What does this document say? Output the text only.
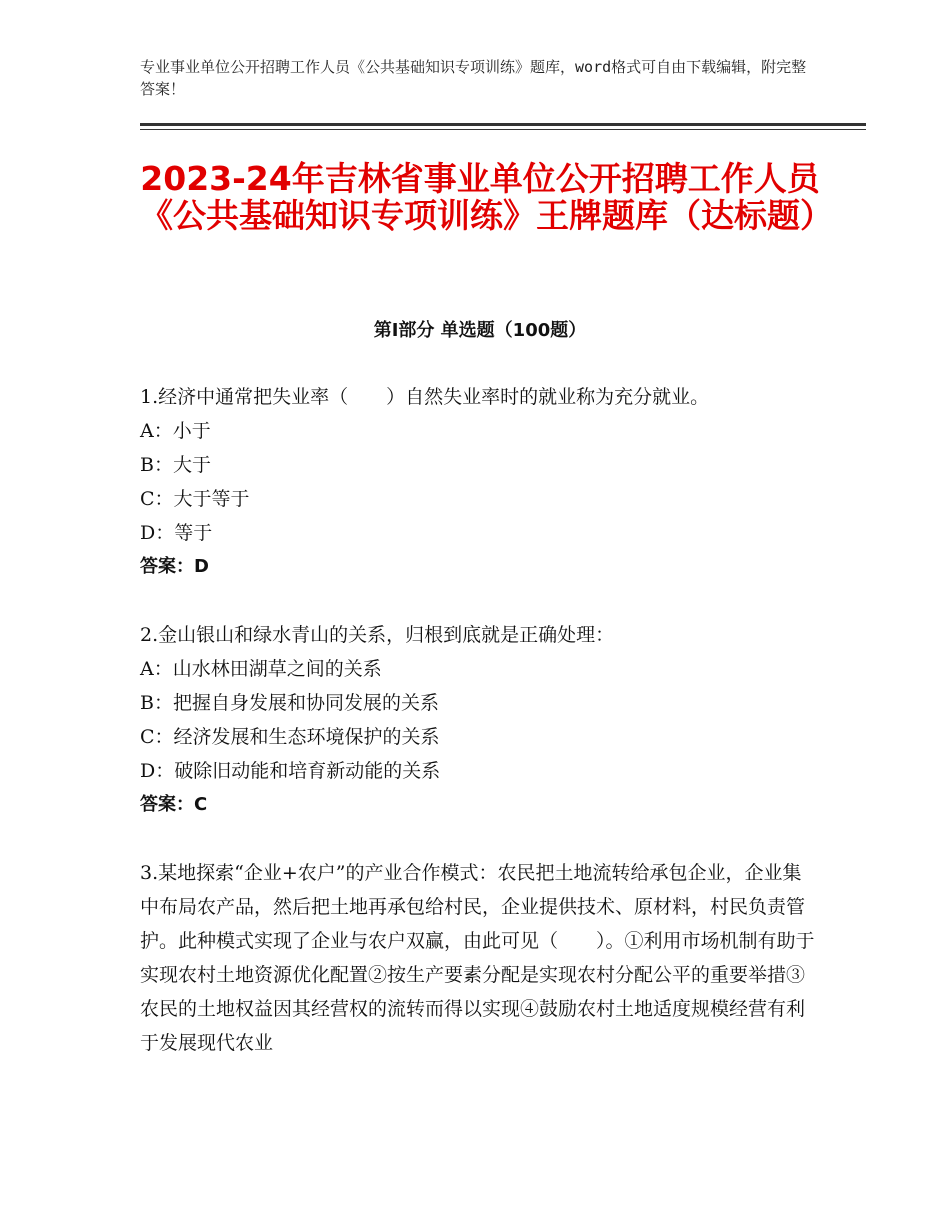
专业事业单位公开招聘工作人员《公共基础知识专项训练》题库，word格式可自由下载编辑，附完整答案！
2023-24年吉林省事业单位公开招聘工作人员《公共基础知识专项训练》王牌题库（达标题）
第Ⅰ部分 单选题（100题）
1.经济中通常把失业率（　　）自然失业率时的就业称为充分就业。
A：小于
B：大于
C：大于等于
D：等于
答案：D
2.金山银山和绿水青山的关系，归根到底就是正确处理：
A：山水林田湖草之间的关系
B：把握自身发展和协同发展的关系
C：经济发展和生态环境保护的关系
D：破除旧动能和培育新动能的关系
答案：C
3.某地探索“企业+农户”的产业合作模式：农民把土地流转给承包企业，企业集中布局农产品，然后把土地再承包给村民，企业提供技术、原材料，村民负责管护。此种模式实现了企业与农户双赢，由此可见（　　）。①利用市场机制有助于实现农村土地资源优化配置②按生产要素分配是实现农村分配公平的重要举措③农民的土地权益因其经营权的流转而得以实现④鼓励农村土地适度规模经营有利于发展现代农业
